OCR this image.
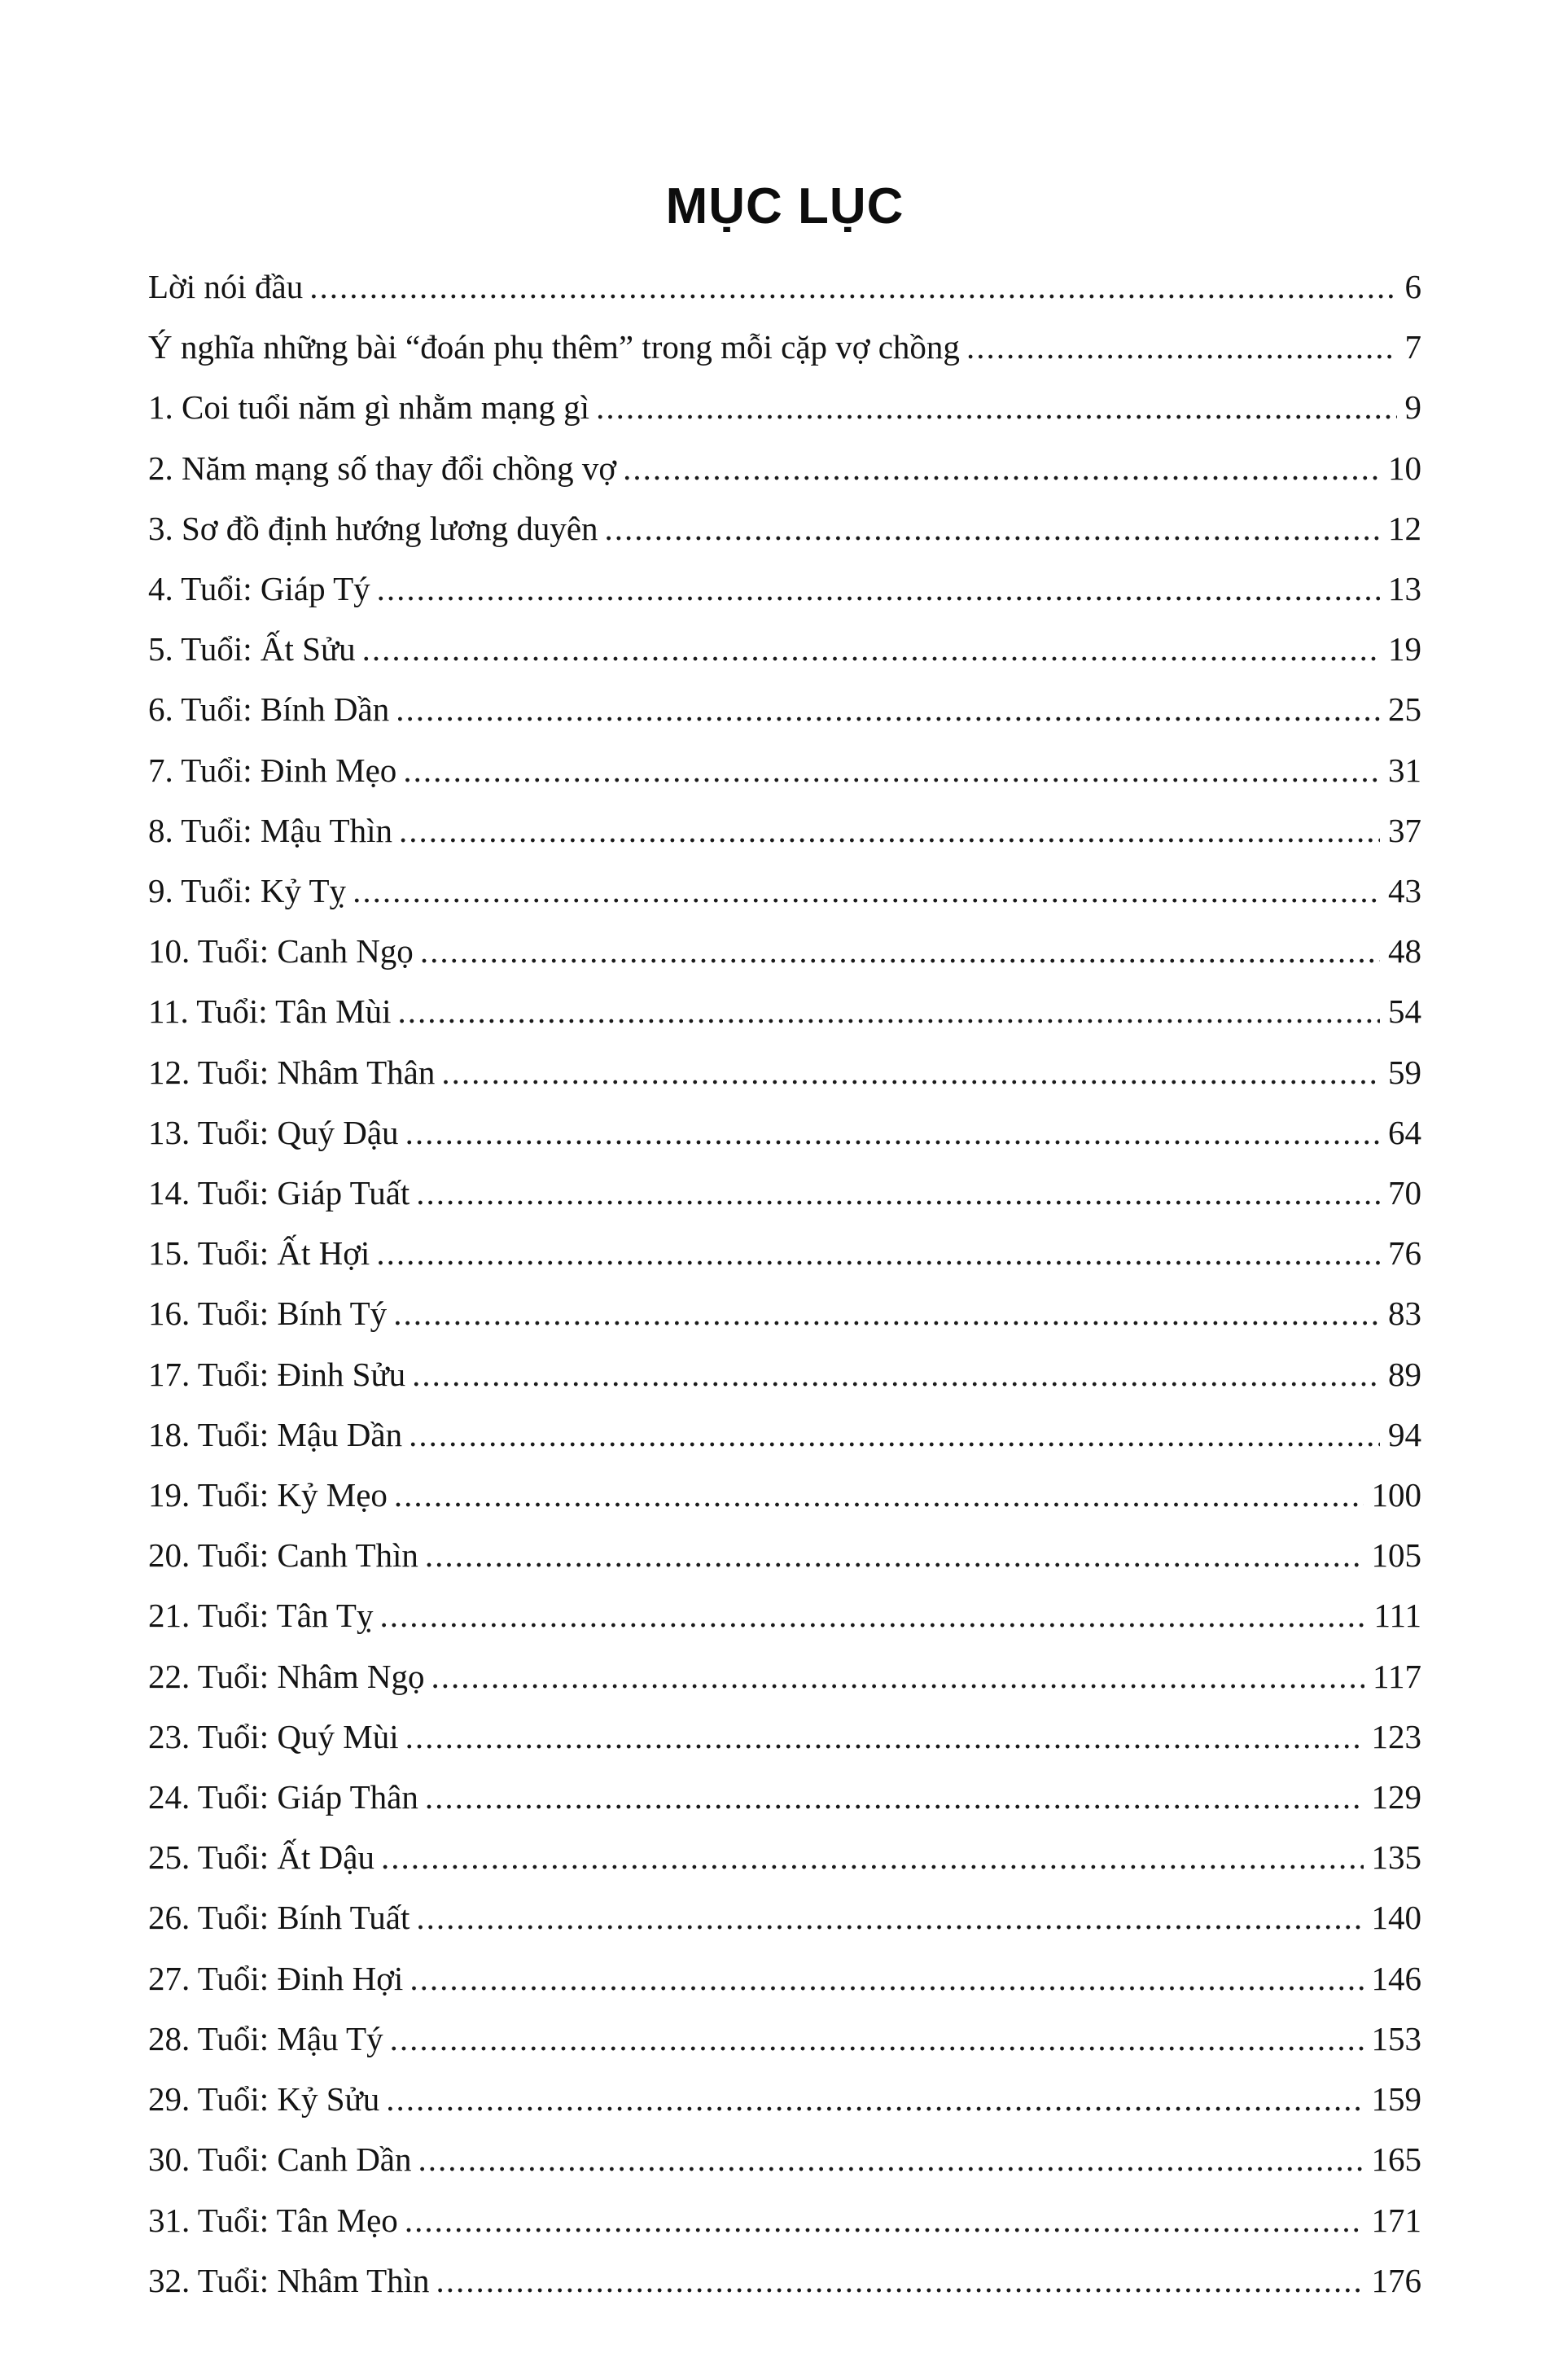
MỤC LỤC
Lời nói đầu .....	6
Ý nghĩa những bài “đoán phụ thêm” trong mỗi cặp vợ chồng .....	7
1. Coi tuổi năm gì nhằm mạng gì .....	9
2. Năm mạng số thay đổi chồng vợ .....	10
3. Sơ đồ định hướng lương duyên .....	12
4. Tuổi: Giáp Tý .....	13
5. Tuổi: Ất Sửu .....	19
6. Tuổi: Bính Dần .....	25
7. Tuổi: Đinh Mẹo .....	31
8. Tuổi: Mậu Thìn .....	37
9. Tuổi: Kỷ Tỵ .....	43
10. Tuổi: Canh Ngọ .....	48
11. Tuổi: Tân Mùi .....	54
12. Tuổi: Nhâm Thân .....	59
13. Tuổi: Quý Dậu .....	64
14. Tuổi: Giáp Tuất .....	70
15. Tuổi: Ất Hợi .....	76
16. Tuổi: Bính Tý .....	83
17. Tuổi: Đinh Sửu .....	89
18. Tuổi: Mậu Dần .....	94
19. Tuổi: Kỷ Mẹo .....	100
20. Tuổi: Canh Thìn .....	105
21. Tuổi: Tân Tỵ .....	111
22. Tuổi: Nhâm Ngọ .....	117
23. Tuổi: Quý Mùi .....	123
24. Tuổi: Giáp Thân .....	129
25. Tuổi: Ất Dậu .....	135
26. Tuổi: Bính Tuất .....	140
27. Tuổi: Đinh Hợi .....	146
28. Tuổi: Mậu Tý .....	153
29. Tuổi: Kỷ Sửu .....	159
30. Tuổi: Canh Dần .....	165
31. Tuổi: Tân Mẹo .....	171
32. Tuổi: Nhâm Thìn .....	176
